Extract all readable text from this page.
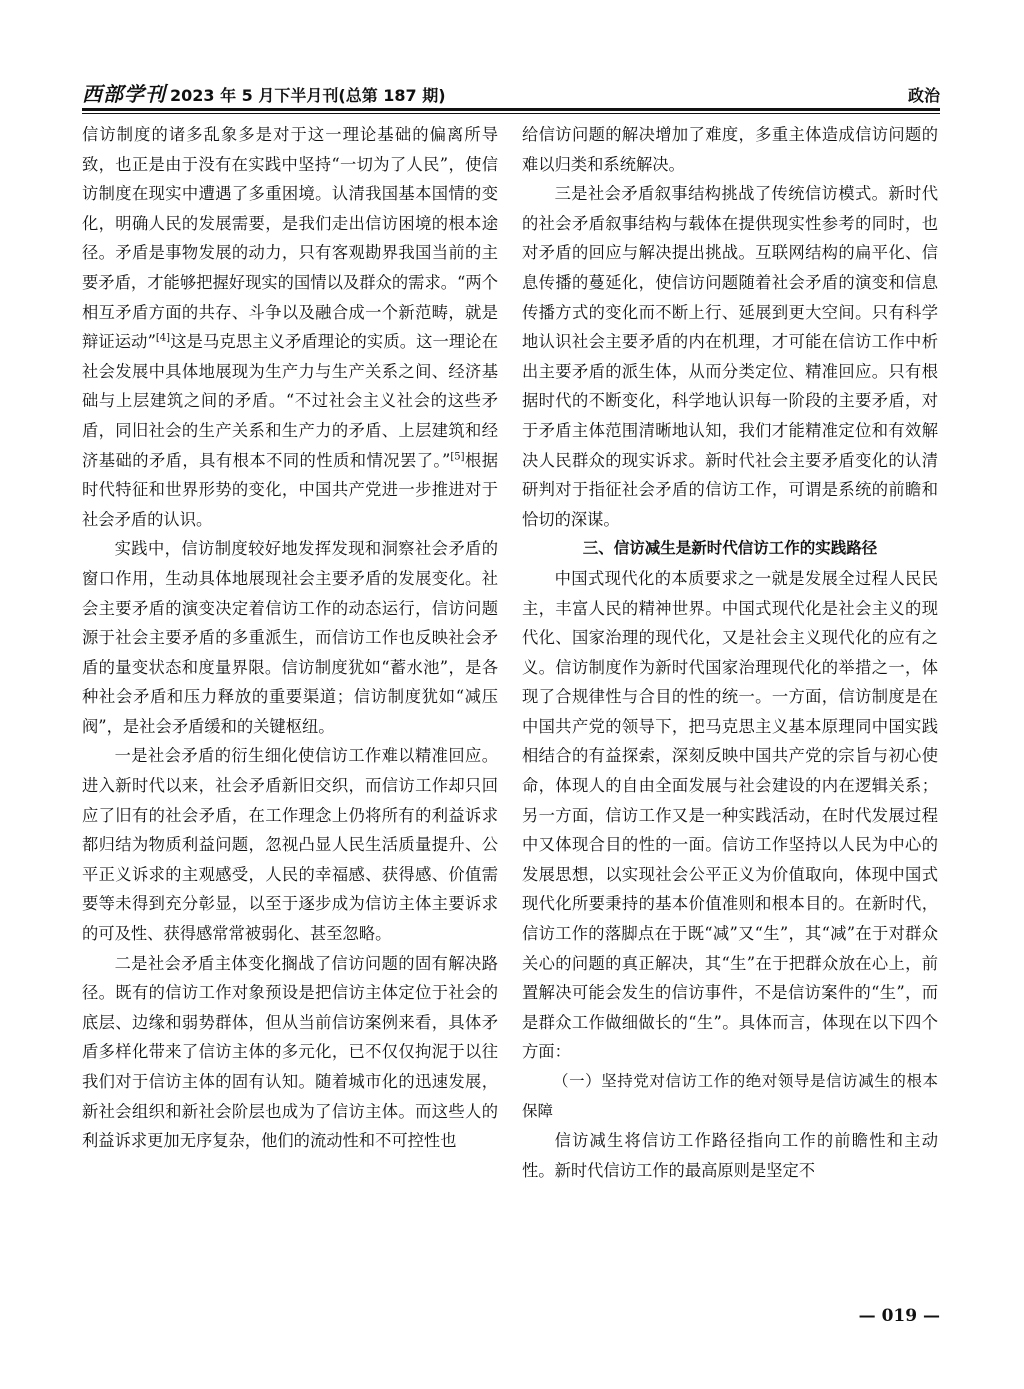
西部学刊 2023 年 5 月下半月刊(总第 187 期)	政治

信访制度的诸多乱象多是对于这一理论基础的偏离所导致，也正是由于没有在实践中坚持“一切为了人民”，使信访制度在现实中遭遇了多重困境。认清我国基本国情的变化，明确人民的发展需要，是我们走出信访困境的根本途径。矛盾是事物发展的动力，只有客观勘界我国当前的主要矛盾，才能够把握好现实的国情以及群众的需求。“两个相互矛盾方面的共存、斗争以及融合成一个新范畴，就是辩证运动”[4]这是马克思主义矛盾理论的实质。这一理论在社会发展中具体地展现为生产力与生产关系之间、经济基础与上层建筑之间的矛盾。“不过社会主义社会的这些矛盾，同旧社会的生产关系和生产力的矛盾、上层建筑和经济基础的矛盾，具有根本不同的性质和情况罢了。”[5]根据时代特征和世界形势的变化，中国共产党进一步推进对于社会矛盾的认识。

实践中，信访制度较好地发挥发现和洞察社会矛盾的窗口作用，生动具体地展现社会主要矛盾的发展变化。社会主要矛盾的演变决定着信访工作的动态运行，信访问题源于社会主要矛盾的多重派生，而信访工作也反映社会矛盾的量变状态和度量界限。信访制度犹如“蓄水池”，是各种社会矛盾和压力释放的重要渠道；信访制度犹如“减压阀”，是社会矛盾缓和的关键枢纽。

一是社会矛盾的衍生细化使信访工作难以精准回应。进入新时代以来，社会矛盾新旧交织，而信访工作却只回应了旧有的社会矛盾，在工作理念上仍将所有的利益诉求都归结为物质利益问题，忽视凸显人民生活质量提升、公平正义诉求的主观感受，人民的幸福感、获得感、价值需要等未得到充分彰显，以至于逐步成为信访主体主要诉求的可及性、获得感常常被弱化、甚至忽略。

二是社会矛盾主体变化搁战了信访问题的固有解决路径。既有的信访工作对象预设是把信访主体定位于社会的底层、边缘和弱势群体，但从当前信访案例来看，具体矛盾多样化带来了信访主体的多元化，已不仅仅拘泥于以往我们对于信访主体的固有认知。随着城市化的迅速发展，新社会组织和新社会阶层也成为了信访主体。而这些人的利益诉求更加无序复杂，他们的流动性和不可控性也

给信访问题的解决增加了难度，多重主体造成信访问题的难以归类和系统解决。

三是社会矛盾叙事结构挑战了传统信访模式。新时代的社会矛盾叙事结构与载体在提供现实性参考的同时，也对矛盾的回应与解决提出挑战。互联网结构的扁平化、信息传播的蔓延化，使信访问题随着社会矛盾的演变和信息传播方式的变化而不断上行、延展到更大空间。只有科学地认识社会主要矛盾的内在机理，才可能在信访工作中析出主要矛盾的派生体，从而分类定位、精准回应。只有根据时代的不断变化，科学地认识每一阶段的主要矛盾，对于矛盾主体范围清晰地认知，我们才能精准定位和有效解决人民群众的现实诉求。新时代社会主要矛盾变化的认清研判对于指征社会矛盾的信访工作，可谓是系统的前瞻和恰切的深谋。

三、信访减生是新时代信访工作的实践路径

中国式现代化的本质要求之一就是发展全过程人民民主，丰富人民的精神世界。中国式现代化是社会主义的现代化、国家治理的现代化，又是社会主义现代化的应有之义。信访制度作为新时代国家治理现代化的举措之一，体现了合规律性与合目的性的统一。一方面，信访制度是在中国共产党的领导下，把马克思主义基本原理同中国实践相结合的有益探索，深刻反映中国共产党的宗旨与初心使命，体现人的自由全面发展与社会建设的内在逻辑关系；另一方面，信访工作又是一种实践活动，在时代发展过程中又体现合目的性的一面。信访工作坚持以人民为中心的发展思想，以实现社会公平正义为价值取向，体现中国式现代化所要秉持的基本价值准则和根本目的。在新时代，信访工作的落脚点在于既“减”又“生”，其“减”在于对群众关心的问题的真正解决，其“生”在于把群众放在心上，前置解决可能会发生的信访事件，不是信访案件的“生”，而是群众工作做细做长的“生”。具体而言，体现在以下四个方面：

（一）坚持党对信访工作的绝对领导是信访减生的根本保障

信访减生将信访工作路径指向工作的前瞻性和主动性。新时代信访工作的最高原则是坚定不

— 019 —
